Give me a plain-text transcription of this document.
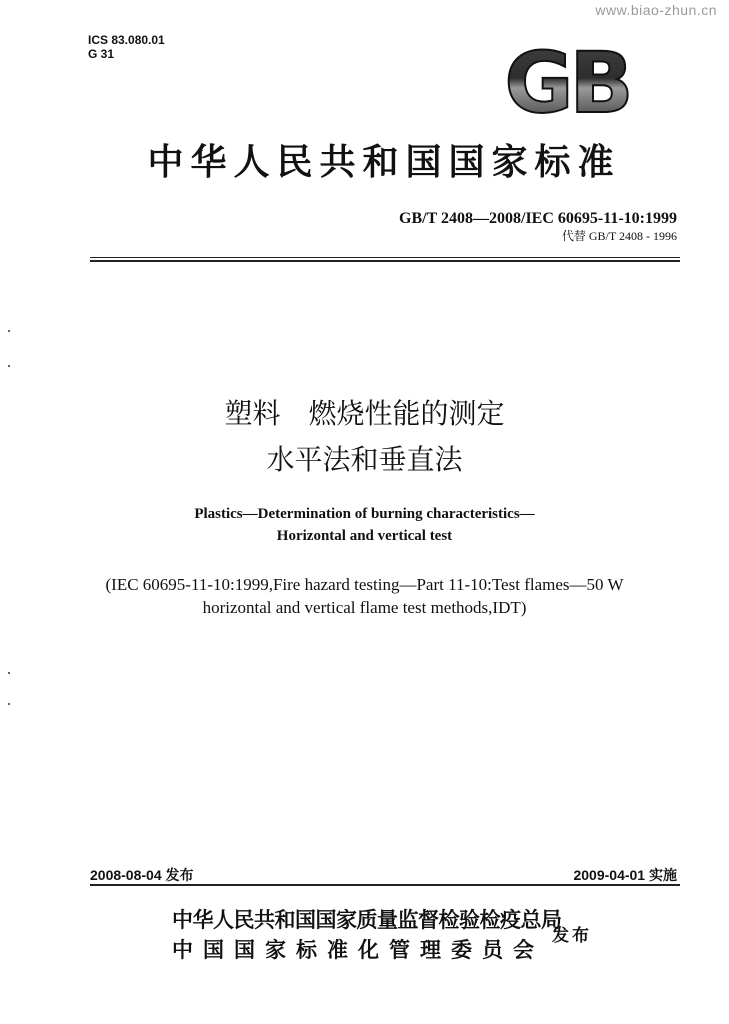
www.biao-zhun.cn
ICS 83.080.01
G 31	GB
中华人民共和国国家标准
GB/T 2408—2008/IEC 60695-11-10:1999
代替 GB/T 2408 - 1996
塑料　燃烧性能的测定
水平法和垂直法
Plastics—Determination of burning characteristics—
Horizontal and vertical test
(IEC 60695-11-10:1999,Fire hazard testing—Part 11-10:Test flames—50 W
horizontal and vertical flame test methods,IDT)
2008-08-04 发布	2009-04-01 实施
中华人民共和国国家质量监督检验检疫总局
中国国家标准化管理委员会
发布
